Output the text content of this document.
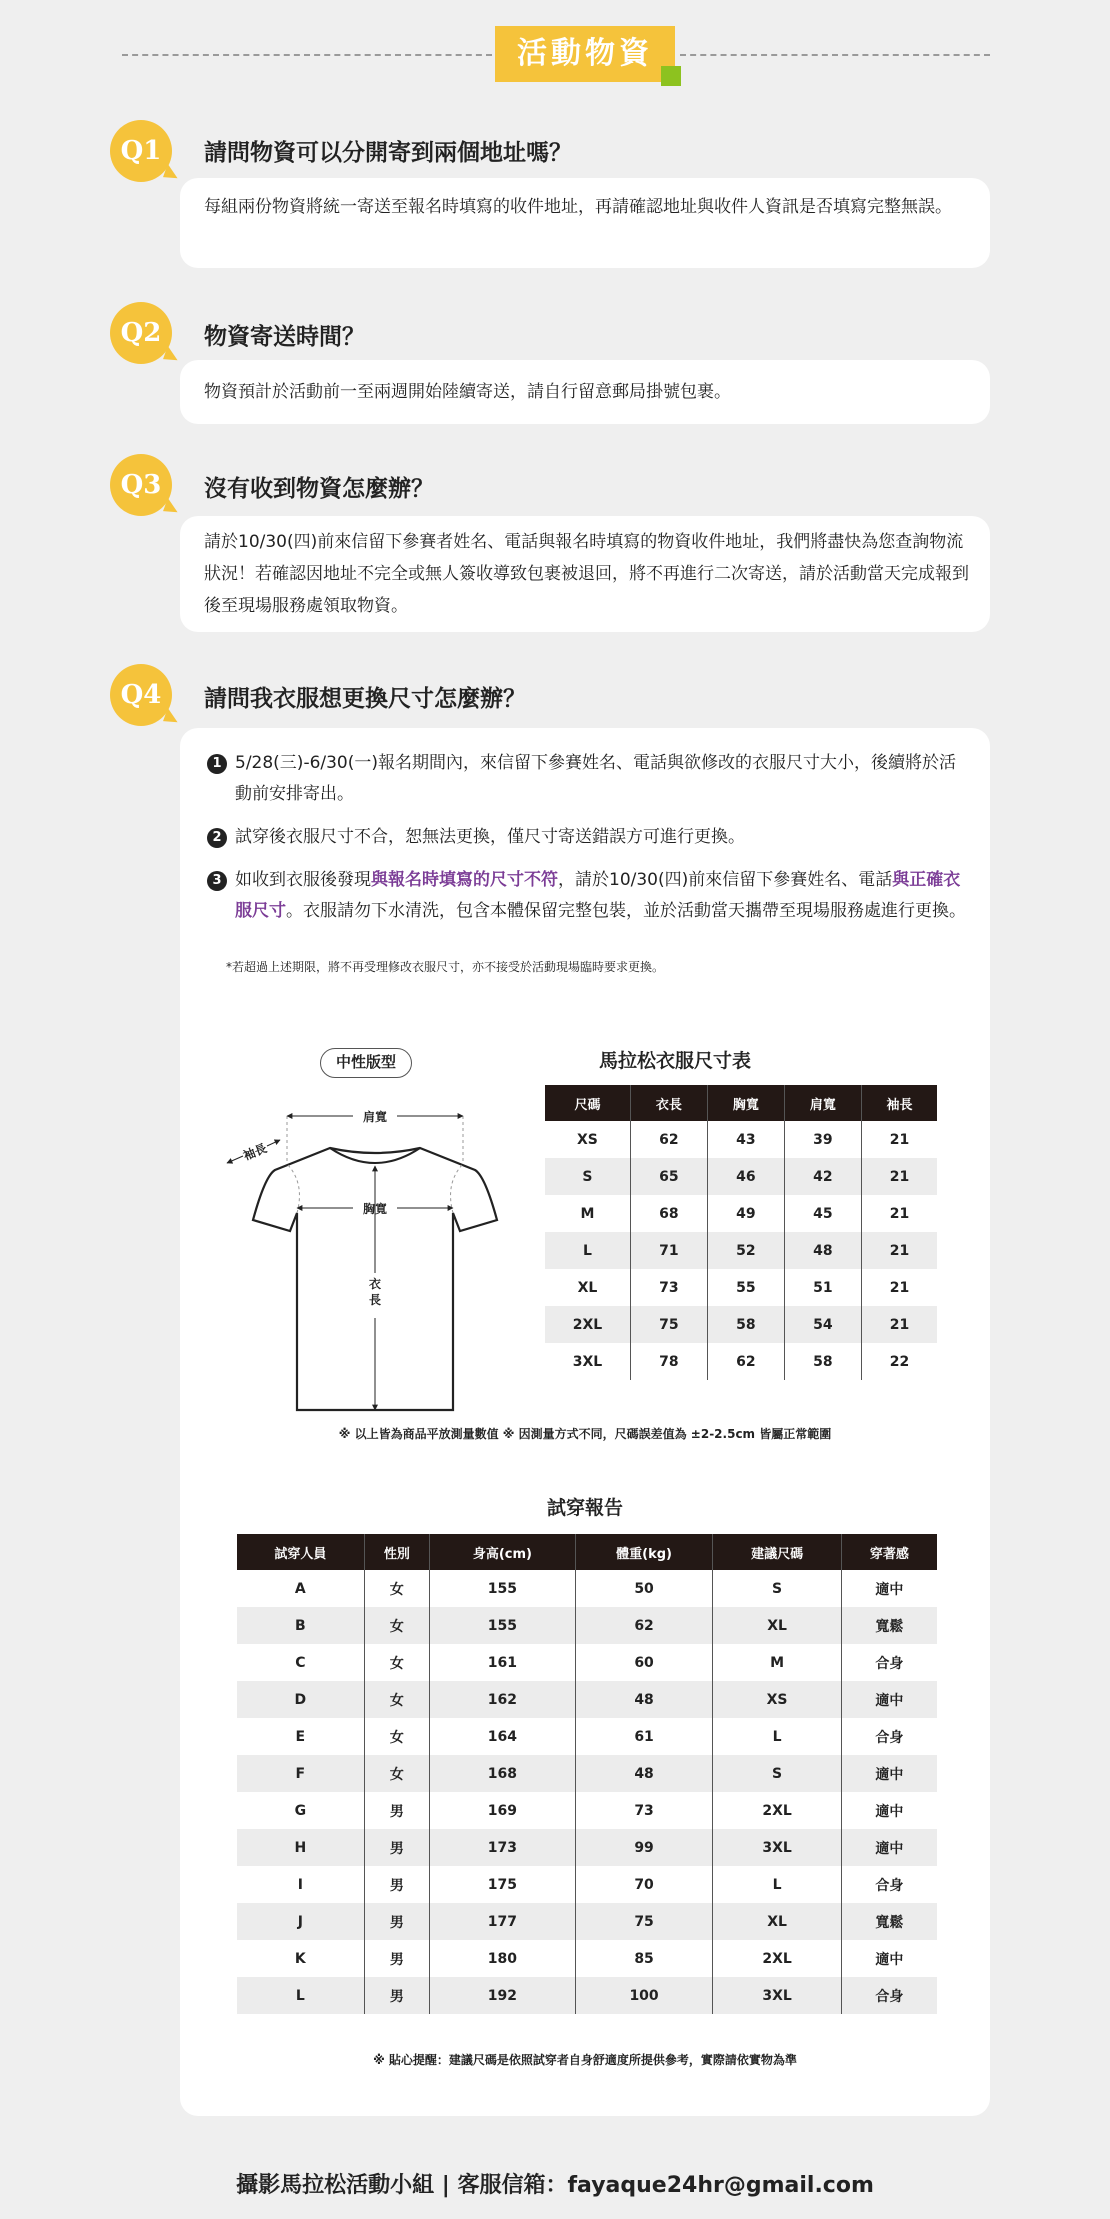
活動物資
Q1	請問物資可以分開寄到兩個地址嗎？

每組兩份物資將統一寄送至報名時填寫的收件地址，再請確認地址與收件人資訊是否填寫完整無誤。

Q2	物資寄送時間？

物資預計於活動前一至兩週開始陸續寄送，請自行留意郵局掛號包裹。

Q3	沒有收到物資怎麼辦？

請於10/30(四)前來信留下參賽者姓名、電話與報名時填寫的物資收件地址，我們將盡快為您查詢物流狀況！若確認因地址不完全或無人簽收導致包裹被退回，將不再進行二次寄送，請於活動當天完成報到後至現場服務處領取物資。

Q4	請問我衣服想更換尺寸怎麼辦？
1 5/28(三)-6/30(一)報名期間內，來信留下參賽姓名、電話與欲修改的衣服尺寸大小，後續將於活動前安排寄出。
2 試穿後衣服尺寸不合，恕無法更換，僅尺寸寄送錯誤方可進行更換。
3 如收到衣服後發現與報名時填寫的尺寸不符，請於10/30(四)前來信留下參賽姓名、電話與正確衣服尺寸。衣服請勿下水清洗，包含本體保留完整包裝，並於活動當天攜帶至現場服務處進行更換。
*若超過上述期限，將不再受理修改衣服尺寸，亦不接受於活動現場臨時要求更換。
中性版型	馬拉松衣服尺寸表
肩寬
袖長
胸寬
衣長
尺碼	衣長	胸寬	肩寬	袖長
XS	62	43	39	21
S	65	46	42	21
M	68	49	45	21
L	71	52	48	21
XL	73	55	51	21
2XL	75	58	54	21
3XL	78	62	58	22
※ 以上皆為商品平放測量數值 ※ 因測量方式不同，尺碼誤差值為 ±2-2.5cm 皆屬正常範圍
試穿報告
試穿人員	性別	身高(cm)	體重(kg)	建議尺碼	穿著感
A	女	155	50	S	適中
B	女	155	62	XL	寬鬆
C	女	161	60	M	合身
D	女	162	48	XS	適中
E	女	164	61	L	合身
F	女	168	48	S	適中
G	男	169	73	2XL	適中
H	男	173	99	3XL	適中
I	男	175	70	L	合身
J	男	177	75	XL	寬鬆
K	男	180	85	2XL	適中
L	男	192	100	3XL	合身
※ 貼心提醒：建議尺碼是依照試穿者自身舒適度所提供參考，實際請依實物為準
攝影馬拉松活動小組 | 客服信箱：fayaque24hr@gmail.com
